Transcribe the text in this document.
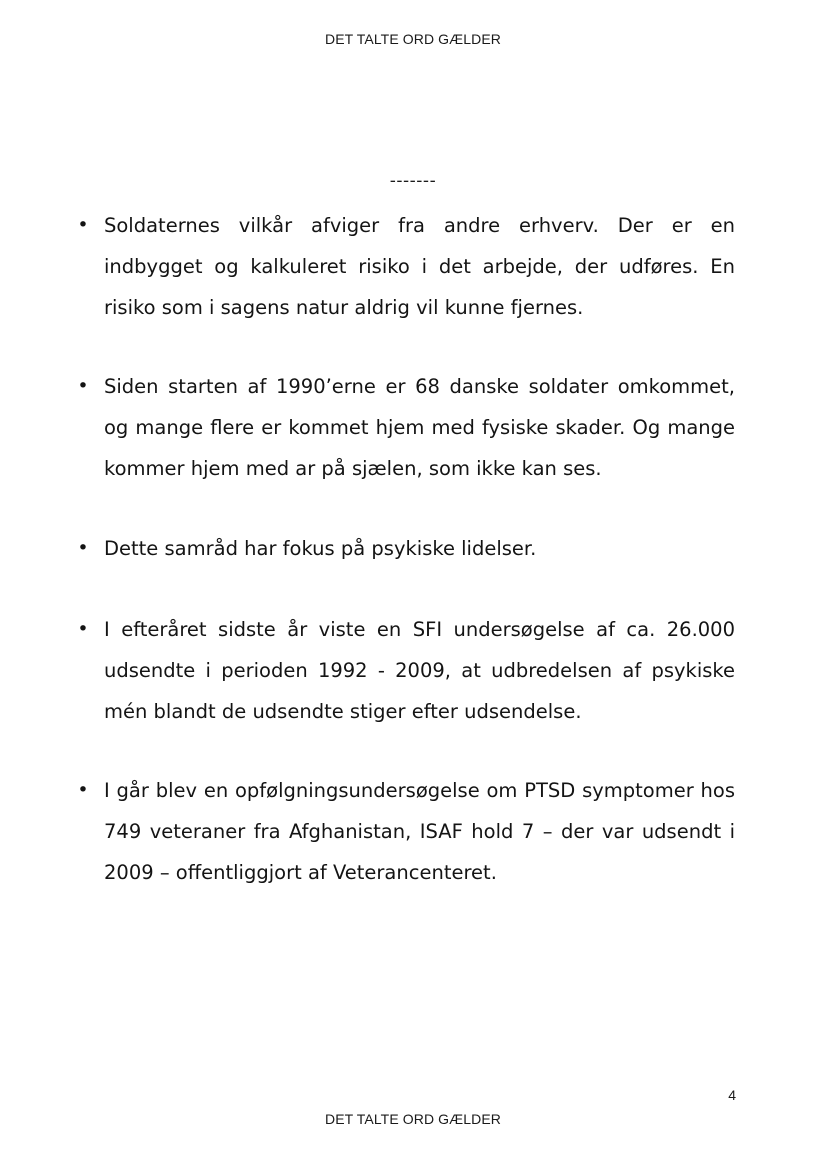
DET TALTE ORD GÆLDER
-------
• Soldaternes vilkår afviger fra andre erhverv. Der er en indbygget og kalkuleret risiko i det arbejde, der udføres. En risiko som i sagens natur aldrig vil kunne fjernes.
• Siden starten af 1990’erne er 68 danske soldater omkommet, og mange flere er kommet hjem med fysiske skader. Og mange kommer hjem med ar på sjælen, som ikke kan ses.
• Dette samråd har fokus på psykiske lidelser.
• I efteråret sidste år viste en SFI undersøgelse af ca. 26.000 udsendte i perioden 1992 - 2009, at udbredelsen af psykiske mén blandt de udsendte stiger efter udsendelse.
• I går blev en opfølgningsundersøgelse om PTSD symptomer hos 749 veteraner fra Afghanistan, ISAF hold 7 – der var udsendt i 2009 – offentliggjort af Veterancenteret.
4
DET TALTE ORD GÆLDER
